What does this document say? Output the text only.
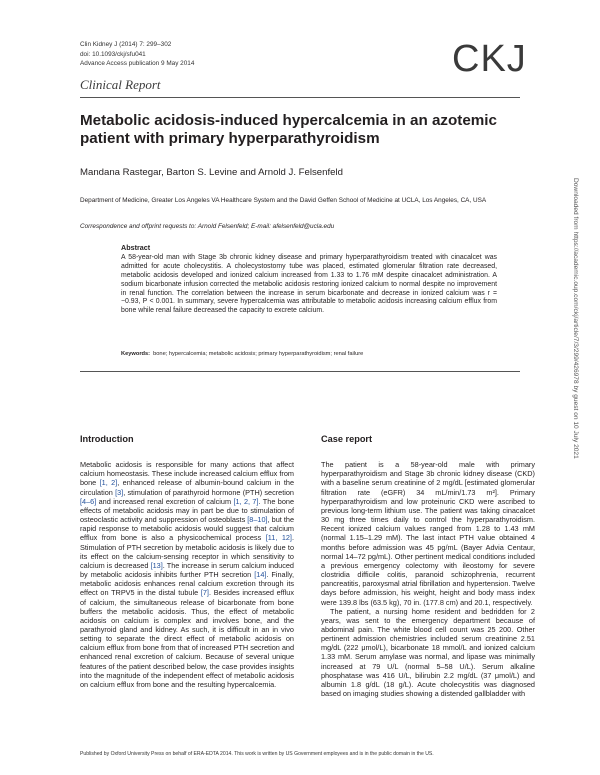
Clin Kidney J (2014) 7: 299–302
doi: 10.1093/ckj/sfu041
Advance Access publication 9 May 2014
Clinical Report
CKJ
Metabolic acidosis-induced hypercalcemia in an azotemic patient with primary hyperparathyroidism
Mandana Rastegar, Barton S. Levine and Arnold J. Felsenfeld
Department of Medicine, Greater Los Angeles VA Healthcare System and the David Geffen School of Medicine at UCLA, Los Angeles, CA, USA
Correspondence and offprint requests to: Arnold Felsenfeld; E-mail: afelsenfeld@ucla.edu
Abstract

A 58-year-old man with Stage 3b chronic kidney disease and primary hyperparathyroidism treated with cinacalcet was admitted for acute cholecystitis. A cholecystostomy tube was placed, estimated glomerular filtration rate decreased, metabolic acidosis developed and ionized calcium increased from 1.33 to 1.76 mM despite cinacalcet administration. A sodium bicarbonate infusion corrected the metabolic acidosis restoring ionized calcium to normal despite no improvement in renal function. The correlation between the increase in serum bicarbonate and decrease in ionized calcium was r = −0.93, P < 0.001. In summary, severe hypercalcemia was attributable to metabolic acidosis increasing calcium efflux from bone while renal failure decreased the capacity to excrete calcium.

Keywords: bone; hypercalcemia; metabolic acidosis; primary hyperparathyroidism; renal failure
Introduction

Metabolic acidosis is responsible for many actions that affect calcium homeostasis. These include increased calcium efflux from bone [1, 2], enhanced release of albumin-bound calcium in the circulation [3], stimulation of parathyroid hormone (PTH) secretion [4–6] and increased renal excretion of calcium [1, 2, 7]. The bone effects of metabolic acidosis may in part be due to stimulation of osteoclastic activity and suppression of osteoblasts [8–10], but the rapid response to metabolic acidosis would suggest that calcium efflux from bone is also a physicochemical process [11, 12]. Stimulation of PTH secretion by metabolic acidosis is likely due to its effect on the calcium-sensing receptor in which sensitivity to calcium is decreased [13]. The increase in serum calcium induced by metabolic acidosis inhibits further PTH secretion [14]. Finally, metabolic acidosis enhances renal calcium excretion through its effect on TRPV5 in the distal tubule [7]. Besides increased efflux of calcium, the simultaneous release of bicarbonate from bone buffers the metabolic acidosis. Thus, the effect of metabolic acidosis on calcium is complex and involves bone, and the parathyroid gland and kidney. As such, it is difficult in an in vivo setting to separate the direct effect of metabolic acidosis on calcium efflux from bone from that of increased PTH secretion and enhanced renal excretion of calcium. Because of several unique features of the patient described below, the case provides insights into the magnitude of the independent effect of metabolic acidosis on calcium efflux from bone and the resulting hypercalcemia.

Case report

The patient is a 58-year-old male with primary hyperparathyroidism and Stage 3b chronic kidney disease (CKD) with a baseline serum creatinine of 2 mg/dL [estimated glomerular filtration rate (eGFR) 34 mL/min/1.73 m²]. Primary hyperparathyroidism and low proteinuric CKD were ascribed to previous long-term lithium use. The patient was taking cinacalcet 30 mg three times daily to control the hyperparathyroidism. Recent ionized calcium values ranged from 1.28 to 1.43 mM (normal 1.15–1.29 mM). The last intact PTH value obtained 4 months before admission was 45 pg/mL (Bayer Advia Centaur, normal 14–72 pg/mL). Other pertinent medical conditions included a previous emergency colectomy with ileostomy for severe clostridia difficile colitis, paranoid schizophrenia, recurrent pancreatitis, paroxysmal atrial fibrillation and hypertension. Twelve days before admission, his weight, height and body mass index were 139.8 lbs (63.5 kg), 70 in. (177.8 cm) and 20.1, respectively.

The patient, a nursing home resident and bedridden for 2 years, was sent to the emergency department because of abdominal pain. The white blood cell count was 25 200. Other pertinent admission chemistries included serum creatinine 2.51 mg/dL (222 μmol/L), bicarbonate 18 mmol/L and ionized calcium 1.33 mM. Serum amylase was normal, and lipase was minimally increased at 79 U/L (normal 5–58 U/L). Serum alkaline phosphatase was 416 U/L, bilirubin 2.2 mg/dL (37 μmol/L) and albumin 1.8 g/dL (18 g/L). Acute cholecystitis was diagnosed based on imaging studies showing a distended gallbladder with

Published by Oxford University Press on behalf of ERA-EDTA 2014. This work is written by US Government employees and is in the public domain in the US.
Downloaded from https://academic.oup.com/ckj/article/7/3/299/426978 by guest on 10 July 2021
